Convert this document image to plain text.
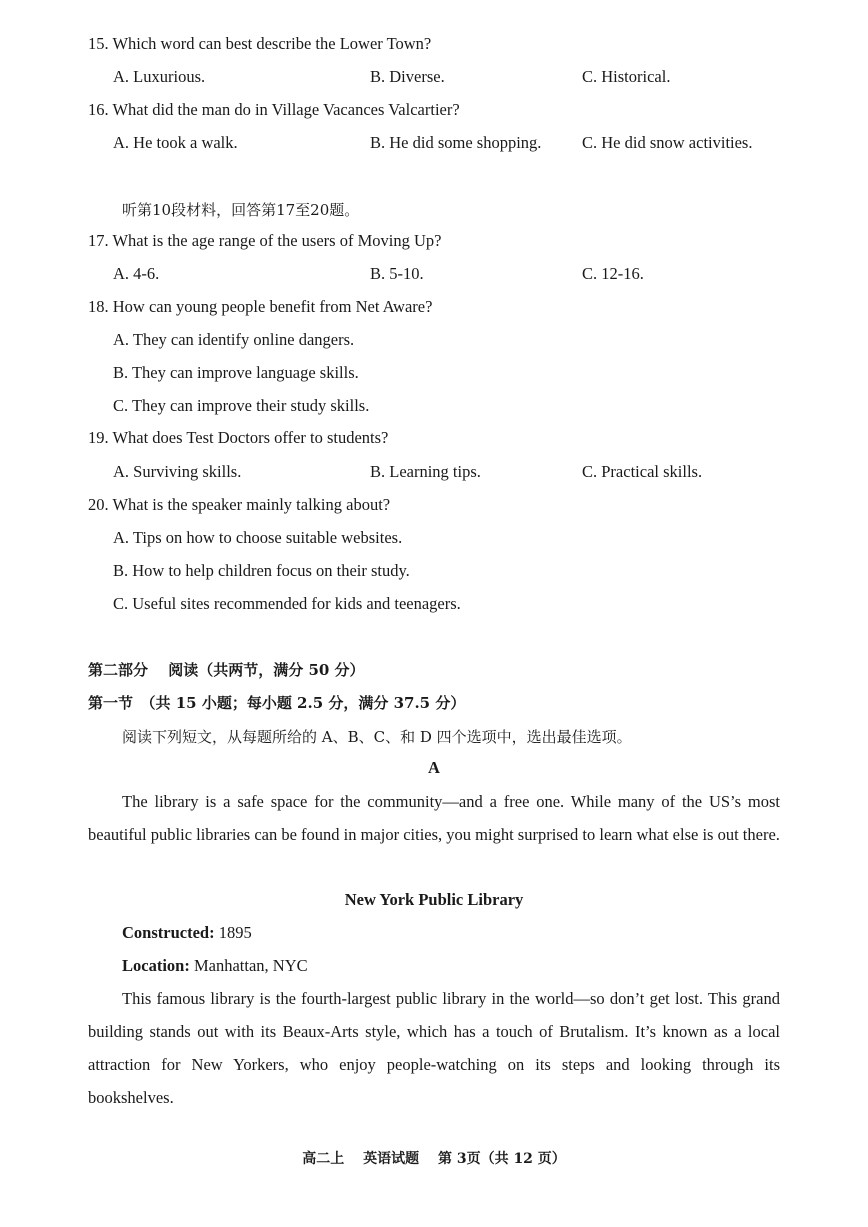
15. Which word can best describe the Lower Town?
A. Luxurious.	B. Diverse.	C. Historical.
16. What did the man do in Village Vacances Valcartier?
A. He took a walk.	B. He did some shopping. C. He did snow activities.
听第10段材料，回答第17至20题。
17. What is the age range of the users of Moving Up?
A. 4-6.	B. 5-10.	C. 12-16.
18. How can young people benefit from Net Aware?
A. They can identify online dangers.
B. They can improve language skills.
C. They can improve their study skills.
19. What does Test Doctors offer to students?
A. Surviving skills.	B. Learning tips.	C. Practical skills.
20. What is the speaker mainly talking about?
A. Tips on how to choose suitable websites.
B. How to help children focus on their study.
C. Useful sites recommended for kids and teenagers.
第二部分　 阅读（共两节，满分 50 分）
第一节　（共 15 小题；每小题 2.5 分，满分 37.5 分）
阅读下列短文，从每题所给的 A、B、C、和 D 四个选项中，选出最佳选项。
A
The library is a safe space for the community—and a free one. While many of the US’s most beautiful public libraries can be found in major cities, you might surprised to learn what else is out there.
New York Public Library
Constructed: 1895
Location: Manhattan, NYC
This famous library is the fourth-largest public library in the world—so don’t get lost. This grand building stands out with its Beaux-Arts style, which has a touch of Brutalism. It’s known as a local attraction for New Yorkers, who enjoy people-watching on its steps and looking through its bookshelves.
高二上　 英语试题　 第 3页（共 12 页）
